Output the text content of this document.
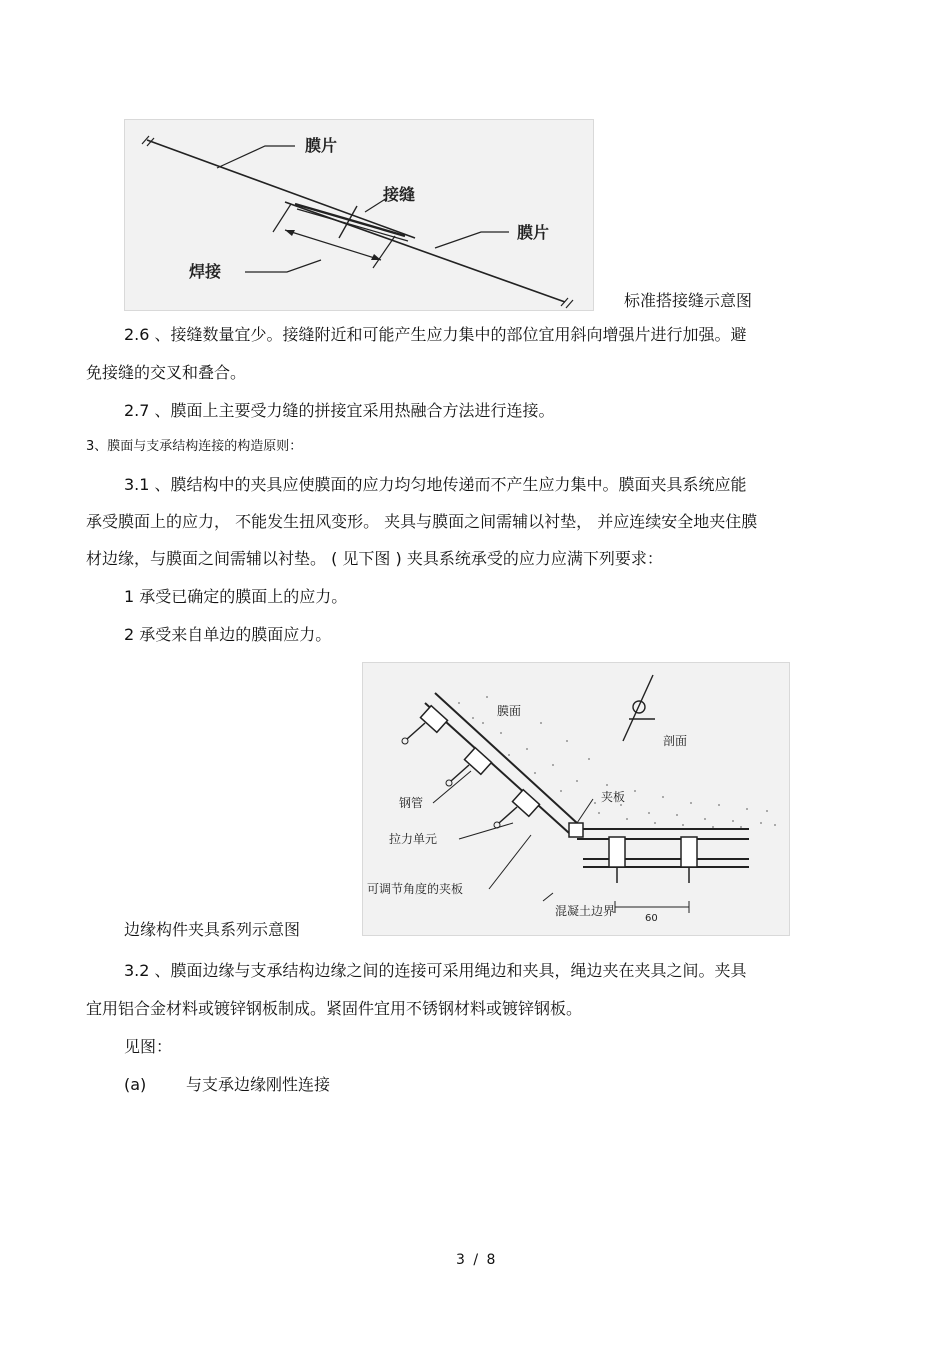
膜片
接缝
膜片
焊接
标准搭接缝示意图
2.6 、接缝数量宜少。接缝附近和可能产生应力集中的部位宜用斜向增强片进行加强。避
免接缝的交叉和叠合。
2.7 、膜面上主要受力缝的拼接宜采用热融合方法进行连接。
3、膜面与支承结构连接的构造原则：
3.1 、膜结构中的夹具应使膜面的应力均匀地传递而不产生应力集中。膜面夹具系统应能
承受膜面上的应力， 不能发生扭风变形。 夹具与膜面之间需辅以衬垫， 并应连续安全地夹住膜
材边缘，与膜面之间需辅以衬垫。 ( 见下图 ) 夹具系统承受的应力应满下列要求：
1 承受已确定的膜面上的应力。
2 承受来自单边的膜面应力。
膜面
剖面
钢管	夹板
拉力单元
可调节角度的夹板
混凝土边界
60
边缘构件夹具系列示意图
3.2 、膜面边缘与支承结构边缘之间的连接可采用绳边和夹具，绳边夹在夹具之间。夹具
宜用铝合金材料或镀锌钢板制成。紧固件宜用不锈钢材料或镀锌钢板。
见图：
(a) 与支承边缘刚性连接
3 / 8
